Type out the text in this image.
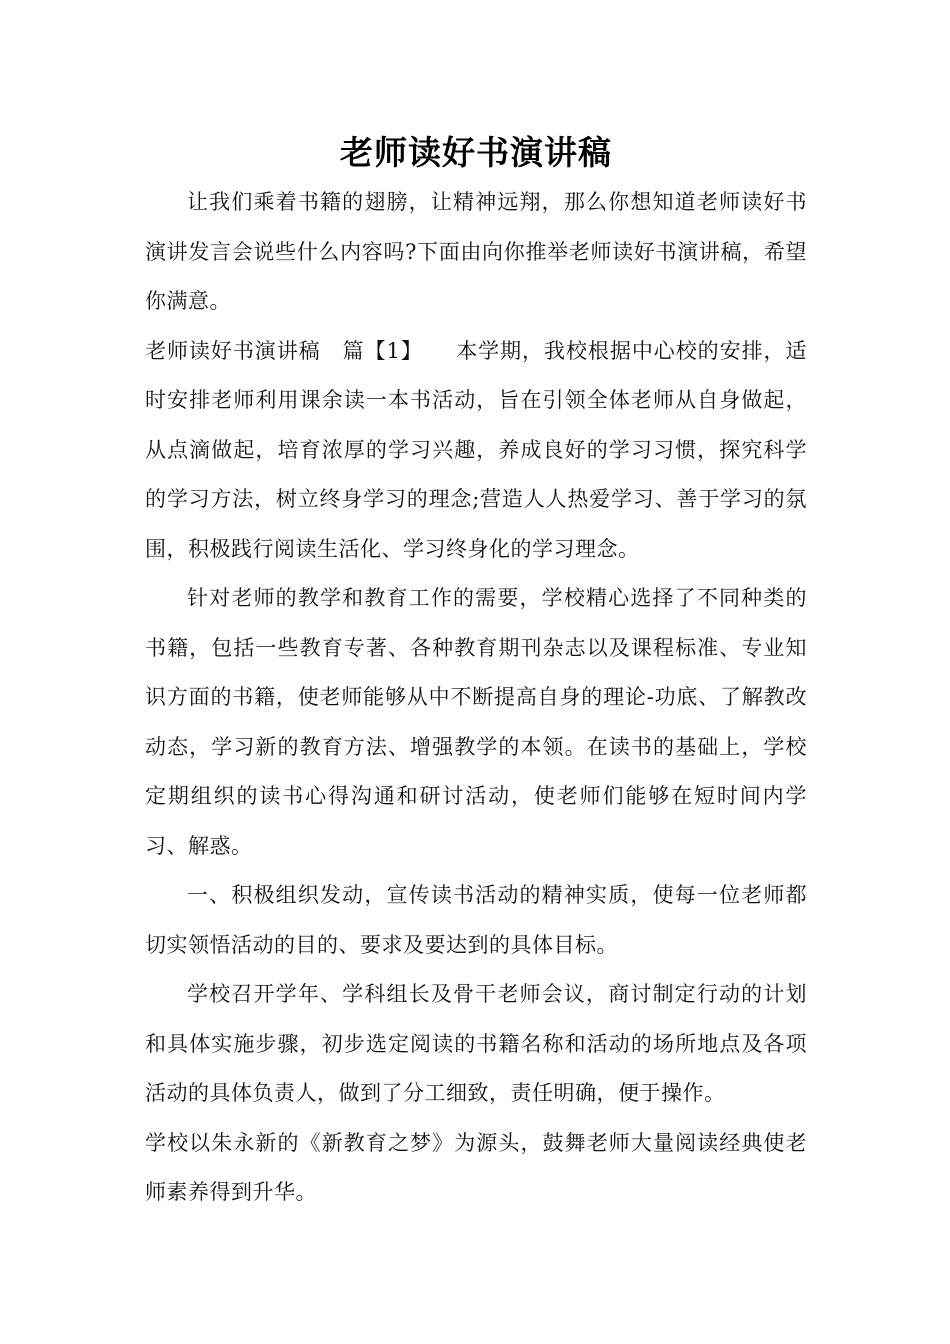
老师读好书演讲稿

让我们乘着书籍的翅膀，让精神远翔，那么你想知道老师读好书演讲发言会说些什么内容吗?下面由向你推举老师读好书演讲稿，希望你满意。

老师读好书演讲稿　篇【1】　　本学期，我校根据中心校的安排，适时安排老师利用课余读一本书活动，旨在引领全体老师从自身做起，从点滴做起，培育浓厚的学习兴趣，养成良好的学习习惯，探究科学的学习方法，树立终身学习的理念;营造人人热爱学习、善于学习的氛围，积极践行阅读生活化、学习终身化的学习理念。

针对老师的教学和教育工作的需要，学校精心选择了不同种类的书籍，包括一些教育专著、各种教育期刊杂志以及课程标准、专业知识方面的书籍，使老师能够从中不断提高自身的理论-功底、了解教改动态，学习新的教育方法、增强教学的本领。在读书的基础上，学校定期组织的读书心得沟通和研讨活动，使老师们能够在短时间内学习、解惑。

一、积极组织发动，宣传读书活动的精神实质，使每一位老师都切实领悟活动的目的、要求及要达到的具体目标。

学校召开学年、学科组长及骨干老师会议，商讨制定行动的计划和具体实施步骤，初步选定阅读的书籍名称和活动的场所地点及各项活动的具体负责人，做到了分工细致，责任明确，便于操作。

学校以朱永新的《新教育之梦》为源头，鼓舞老师大量阅读经典使老师素养得到升华。
